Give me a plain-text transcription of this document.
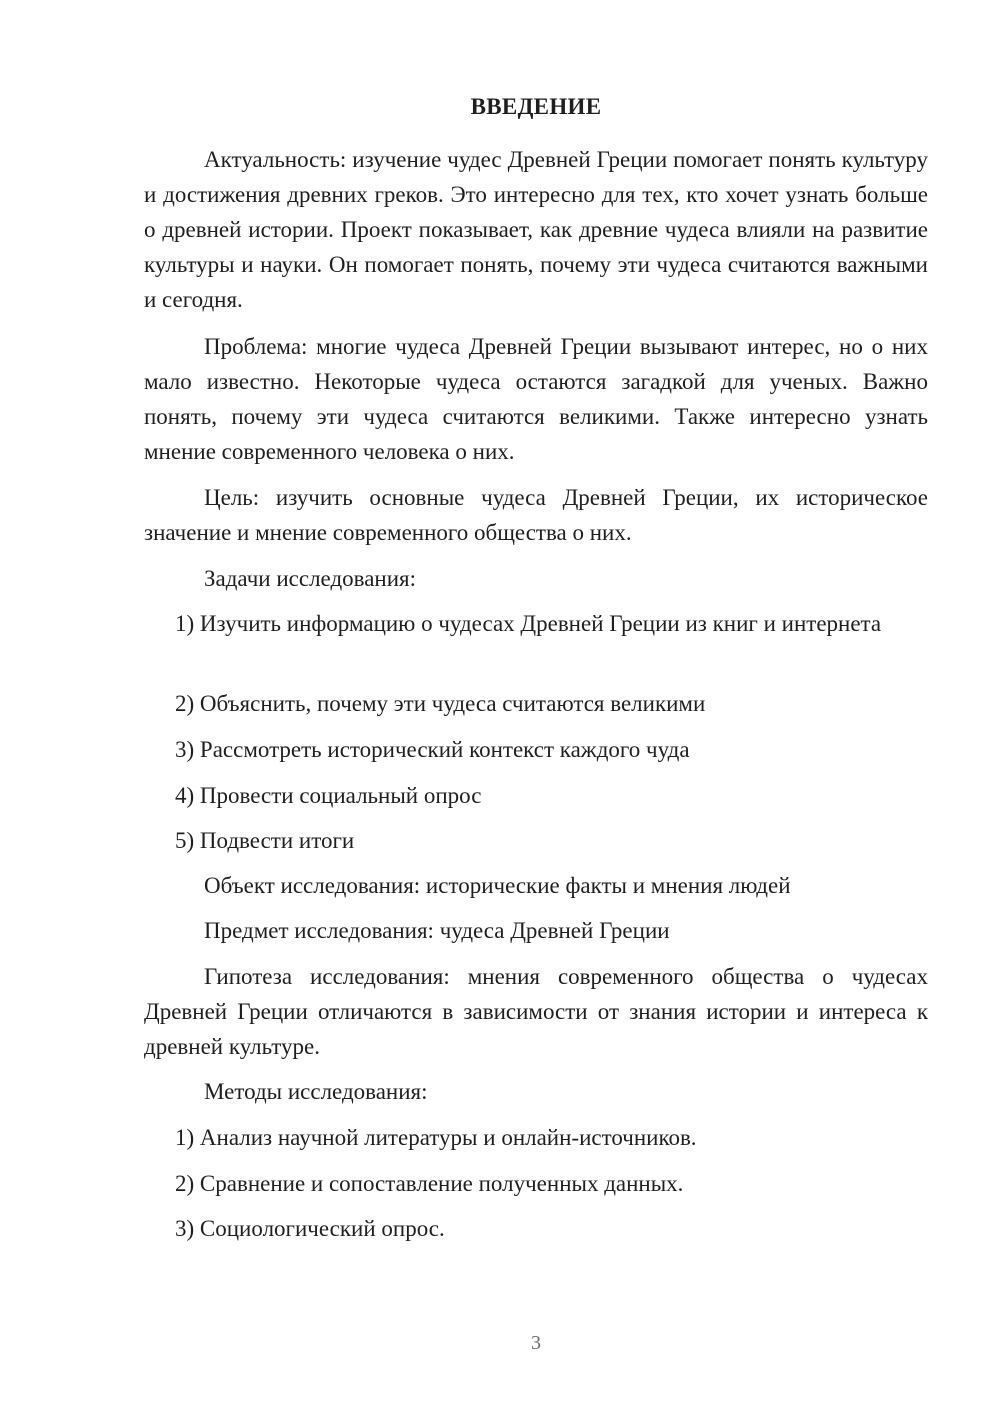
ВВЕДЕНИЕ
Актуальность: изучение чудес Древней Греции помогает понять культуру и достижения древних греков. Это интересно для тех, кто хочет узнать больше о древней истории. Проект показывает, как древние чудеса влияли на развитие культуры и науки. Он помогает понять, почему эти чудеса считаются важными и сегодня.
Проблема: многие чудеса Древней Греции вызывают интерес, но о них мало известно. Некоторые чудеса остаются загадкой для ученых. Важно понять, почему эти чудеса считаются великими. Также интересно узнать мнение современного человека о них.
Цель: изучить основные чудеса Древней Греции, их историческое значение и мнение современного общества о них.
Задачи исследования:
1) Изучить информацию о чудесах Древней Греции из книг и интернета
2) Объяснить, почему эти чудеса считаются великими
3) Рассмотреть исторический контекст каждого чуда
4) Провести социальный опрос
5) Подвести итоги
Объект исследования: исторические факты и мнения людей
Предмет исследования: чудеса Древней Греции
Гипотеза исследования: мнения современного общества о чудесах Древней Греции отличаются в зависимости от знания истории и интереса к древней культуре.
Методы исследования:
1) Анализ научной литературы и онлайн-источников.
2) Сравнение и сопоставление полученных данных.
3) Социологический опрос.
3
